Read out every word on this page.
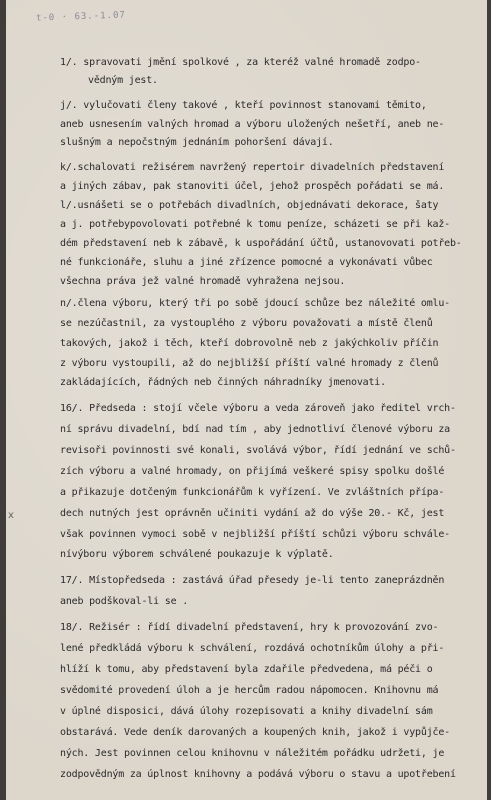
t-0 · 63.-1.07
x
1/. spravovati jmění spolkové , za kteréž valné hromadě zodpo-
vědným jest.
j/. vylučovati členy takové , kteří povinnost stanovami těmito,
aneb usnesením valných hromad a výboru uložených nešetří, aneb ne-
slušným a nepočstným jednáním pohoršení dávají.
k/.schalovati režisérem navržený repertoir divadelních představení
a jiných zábav, pak stanoviti účel, jehož prospěch pořádati se má.
l/.usnášeti se o potřebách divadlních, objednávati dekorace, šaty
a j. potřebypovolovati potřebné k tomu peníze, scházeti se při kaž-
dém představení neb k zábavě, k uspořádání účtů, ustanovovati potřeb-
né funkcionáře, sluhu a jiné zřízence pomocné a vykonávati vůbec
všechna práva jež valné hromadě vyhražena nejsou.
n/.člena výboru, který tři po sobě jdoucí schůze bez náležité omlu-
se nezúčastnil, za vystouplého z výboru považovati a místě členů
takových, jakož i těch, kteří dobrovolně neb z jakýchkoliv příčin
z výboru vystoupili, až do nejbližší příští valné hromady z členů
zakládajících, řádných neb činných náhradníky jmenovati.
16/. Předseda : stojí včele výboru a veda zároveň jako ředitel vrch-
ní správu divadelní, bdí nad tím , aby jednotliví členové výboru za
revisoři povinnosti své konali, svolává výbor, řídí jednání ve schů-
zích výboru a valné hromady, on přijímá veškeré spisy spolku došlé
a přikazuje dotčeným funkcionářům k vyřízení. Ve zvláštních přípa-
dech nutných jest oprávněn učiniti vydání až do výše 20.- Kč, jest
však povinnen vymoci sobě v nejbližší příští schůzi výboru schvále-
nívýboru výborem schválené poukazuje k výplatě.
17/. Místopředseda : zastává úřad přesedy je-li tento zaneprázdněn
aneb podškoval-li se .
18/. Režisér : řídí divadelní představení, hry k provozování zvo-
lené předkládá výboru k schválení, rozdává ochotníkům úlohy a při-
hlíží k tomu, aby představení byla zdařile předvedena, má péči o
svědomité provedení úloh a je hercům radou nápomocen. Knihovnu má
v úplné disposici, dává úlohy rozepisovati a knihy divadelní sám
obstarává. Vede deník darovaných a koupených knih, jakož i vypůjče-
ných. Jest povinnen celou knihovnu v náležitém pořádku udržeti, je
zodpovědným za úplnost knihovny a podává výboru o stavu a upotřebení
